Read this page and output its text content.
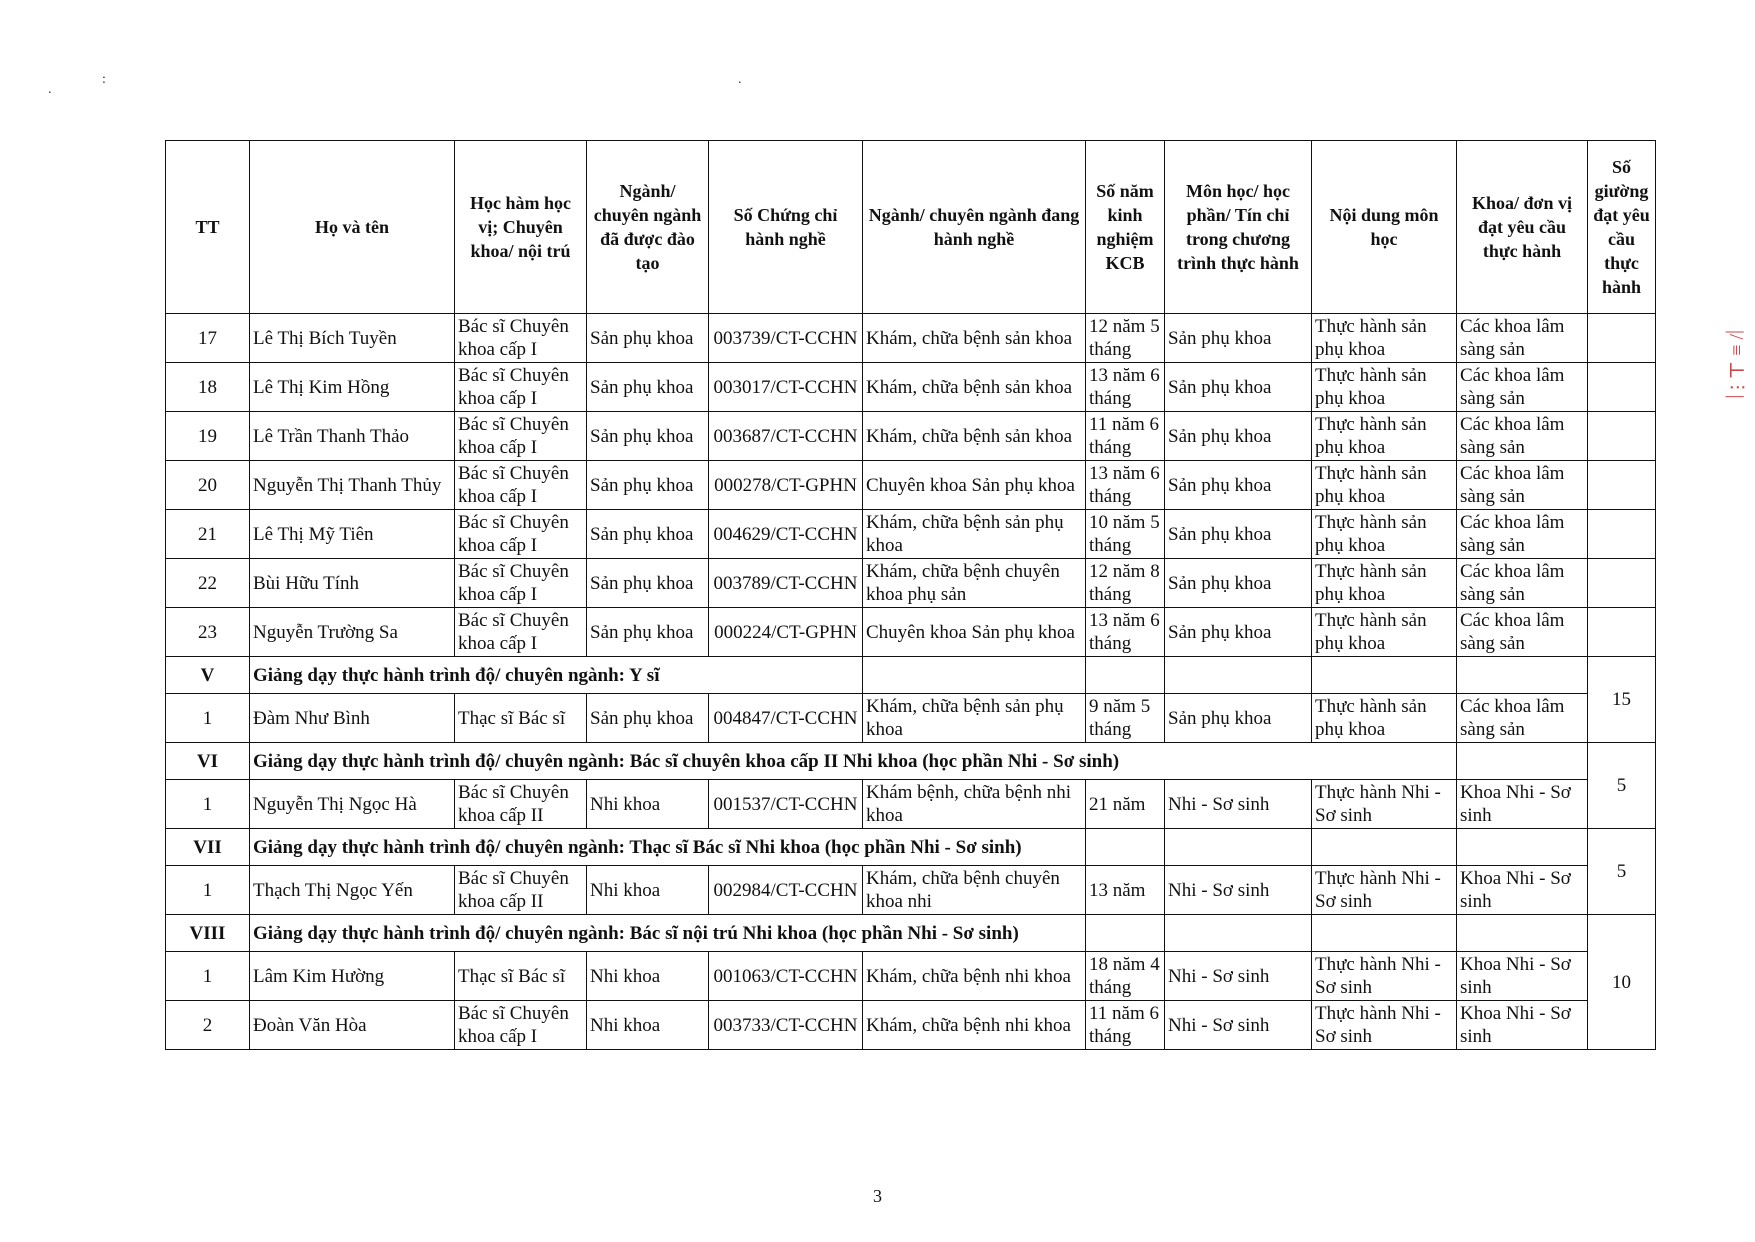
.
:	.
TT	Họ và tên	Học hàm học vị; Chuyên khoa/ nội trú	Ngành/ chuyên ngành đã được đào tạo	Số Chứng chỉ hành nghề	Ngành/ chuyên ngành đang hành nghề	Số năm kinh nghiệm KCB	Môn học/ học phần/ Tín chỉ trong chương trình thực hành	Nội dung môn học	Khoa/ đơn vị đạt yêu cầu thực hành	Số giường đạt yêu cầu thực hành
17	Lê Thị Bích Tuyền	Bác sĩ Chuyên khoa cấp I	Sản phụ khoa	003739/CT-CCHN	Khám, chữa bệnh sản khoa	12 năm 5 tháng	Sản phụ khoa	Thực hành sản phụ khoa	Các khoa lâm sàng sản	
18	Lê Thị Kim Hồng	Bác sĩ Chuyên khoa cấp I	Sản phụ khoa	003017/CT-CCHN	Khám, chữa bệnh sản khoa	13 năm 6 tháng	Sản phụ khoa	Thực hành sản phụ khoa	Các khoa lâm sàng sản	
19	Lê Trần Thanh Thảo	Bác sĩ Chuyên khoa cấp I	Sản phụ khoa	003687/CT-CCHN	Khám, chữa bệnh sản khoa	11 năm 6 tháng	Sản phụ khoa	Thực hành sản phụ khoa	Các khoa lâm sàng sản	
20	Nguyễn Thị Thanh Thủy	Bác sĩ Chuyên khoa cấp I	Sản phụ khoa	000278/CT-GPHN	Chuyên khoa Sản phụ khoa	13 năm 6 tháng	Sản phụ khoa	Thực hành sản phụ khoa	Các khoa lâm sàng sản	
21	Lê Thị Mỹ Tiên	Bác sĩ Chuyên khoa cấp I	Sản phụ khoa	004629/CT-CCHN	Khám, chữa bệnh sản phụ khoa	10 năm 5 tháng	Sản phụ khoa	Thực hành sản phụ khoa	Các khoa lâm sàng sản	
22	Bùi Hữu Tính	Bác sĩ Chuyên khoa cấp I	Sản phụ khoa	003789/CT-CCHN	Khám, chữa bệnh chuyên khoa phụ sản	12 năm 8 tháng	Sản phụ khoa	Thực hành sản phụ khoa	Các khoa lâm sàng sản	
23	Nguyễn Trường Sa	Bác sĩ Chuyên khoa cấp I	Sản phụ khoa	000224/CT-GPHN	Chuyên khoa Sản phụ khoa	13 năm 6 tháng	Sản phụ khoa	Thực hành sản phụ khoa	Các khoa lâm sàng sản	
V	Giảng dạy thực hành trình độ/ chuyên ngành: Y sĩ									15
1	Đàm Như Bình	Thạc sĩ Bác sĩ	Sản phụ khoa	004847/CT-CCHN	Khám, chữa bệnh sản phụ khoa	9 năm 5 tháng	Sản phụ khoa	Thực hành sản phụ khoa	Các khoa lâm sàng sản	
VI	Giảng dạy thực hành trình độ/ chuyên ngành: Bác sĩ chuyên khoa cấp II Nhi khoa (học phần Nhi - Sơ sinh)									5
1	Nguyễn Thị Ngọc Hà	Bác sĩ Chuyên khoa cấp II	Nhi khoa	001537/CT-CCHN	Khám bệnh, chữa bệnh nhi khoa	21 năm	Nhi - Sơ sinh	Thực hành Nhi - Sơ sinh	Khoa Nhi - Sơ sinh	
VII	Giảng dạy thực hành trình độ/ chuyên ngành: Thạc sĩ Bác sĩ Nhi khoa (học phần Nhi - Sơ sinh)									5
1	Thạch Thị Ngọc Yến	Bác sĩ Chuyên khoa cấp II	Nhi khoa	002984/CT-CCHN	Khám, chữa bệnh chuyên khoa nhi	13 năm	Nhi - Sơ sinh	Thực hành Nhi - Sơ sinh	Khoa Nhi - Sơ sinh	
VIII	Giảng dạy thực hành trình độ/ chuyên ngành: Bác sĩ nội trú Nhi khoa (học phần Nhi - Sơ sinh)									10
1	Lâm Kim Hường	Thạc sĩ Bác sĩ	Nhi khoa	001063/CT-CCHN	Khám, chữa bệnh nhi khoa	18 năm 4 tháng	Nhi - Sơ sinh	Thực hành Nhi - Sơ sinh	Khoa Nhi - Sơ sinh	
2	Đoàn Văn Hòa	Bác sĩ Chuyên khoa cấp I	Nhi khoa	003733/CT-CCHN	Khám, chữa bệnh nhi khoa	11 năm 6 tháng	Nhi - Sơ sinh	Thực hành Nhi - Sơ sinh	Khoa Nhi - Sơ sinh	
|/ ≡ ⊥ ⫶ |
3
